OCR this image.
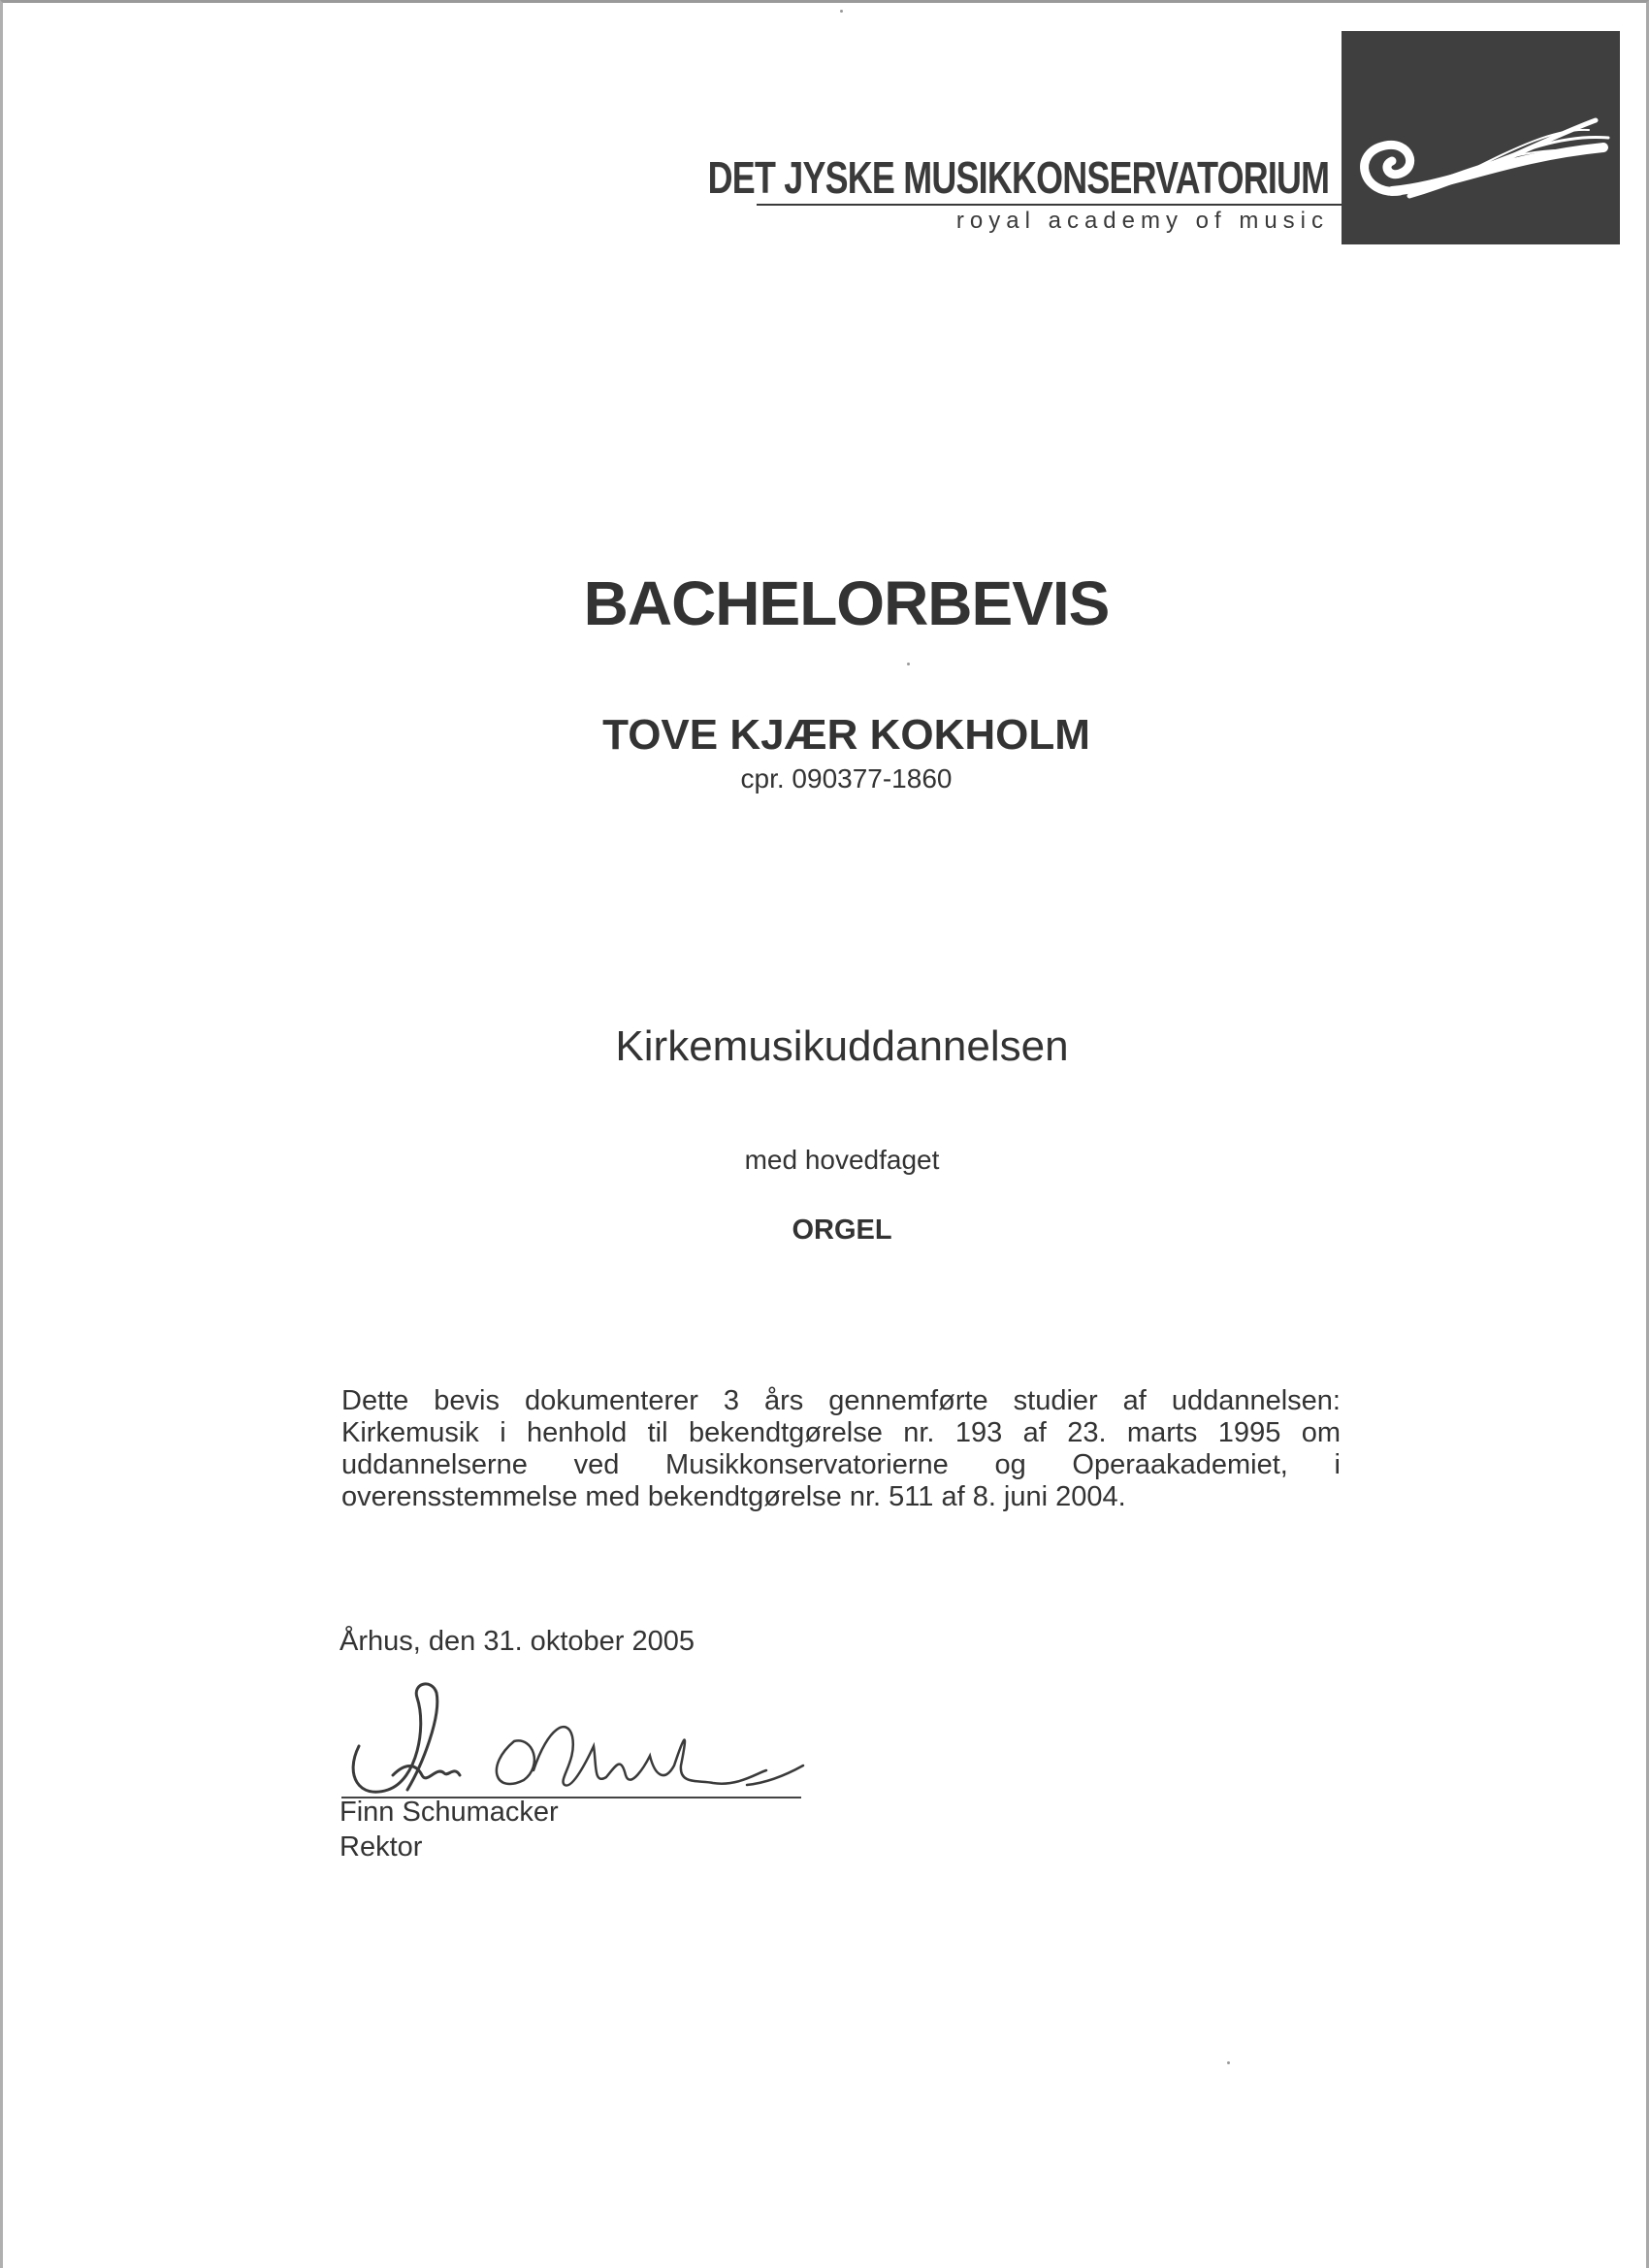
DET JYSKE MUSIKKONSERVATORIUM
royal academy of music
BACHELORBEVIS
TOVE KJÆR KOKHOLM
cpr. 090377-1860
Kirkemusikuddannelsen
med hovedfaget
ORGEL
Dette bevis dokumenterer 3 års gennemførte studier af uddannelsen: Kirkemusik i henhold til bekendtgørelse nr. 193 af 23. marts 1995 om uddannelserne ved Musikkonservatorierne og Operaakademiet, i overensstemmelse med bekendtgørelse nr. 511 af 8. juni 2004.
Århus, den 31. oktober 2005
Finn Schumacker
Rektor
